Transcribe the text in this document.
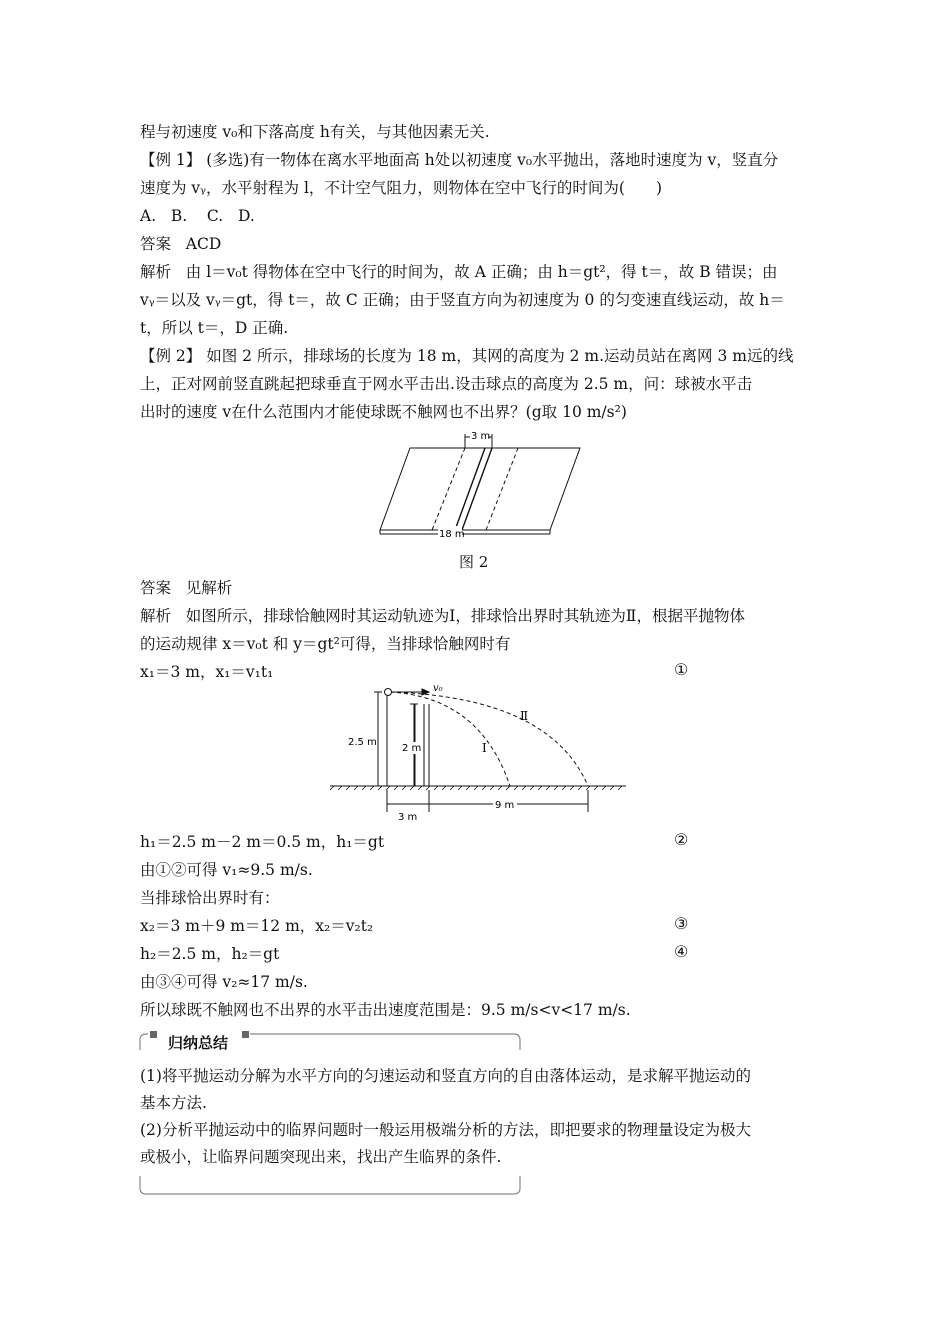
程与初速度 v₀和下落高度 h有关，与其他因素无关.
【例 1】 (多选)有一物体在离水平地面高 h处以初速度 v₀水平抛出，落地时速度为 v，竖直分
速度为 vᵧ，水平射程为 l，不计空气阻力，则物体在空中飞行的时间为(　　)
A.   B.    C.   D.
答案   ACD
解析   由 l＝v₀t 得物体在空中飞行的时间为，故 A 正确；由 h＝gt²，得 t＝，故 B 错误；由
vᵧ＝以及 vᵧ＝gt，得 t＝，故 C 正确；由于竖直方向为初速度为 0 的匀变速直线运动，故 h＝
t，所以 t＝，D 正确.
【例 2】 如图 2 所示，排球场的长度为 18 m，其网的高度为 2 m.运动员站在离网 3 m远的线
上，正对网前竖直跳起把球垂直于网水平击出.设击球点的高度为 2.5 m，问：球被水平击
出时的速度 v在什么范围内才能使球既不触网也不出界？(g取 10 m/s²)
3 m
18 m
图 2
答案   见解析
解析   如图所示，排球恰触网时其运动轨迹为Ⅰ，排球恰出界时其轨迹为Ⅱ，根据平抛物体
的运动规律 x＝v₀t 和 y＝gt²可得，当排球恰触网时有
x₁＝3 m，x₁＝v₁t₁	①
2.5 m
2 m
v₀
Ⅰ
Ⅱ
3 m
9 m
h₁＝2.5 m－2 m＝0.5 m，h₁＝gt	②
由①②可得 v₁≈9.5 m/s.
当排球恰出界时有：
x₂＝3 m＋9 m＝12 m，x₂＝v₂t₂	③
h₂＝2.5 m，h₂＝gt	④
由③④可得 v₂≈17 m/s.
所以球既不触网也不出界的水平击出速度范围是：9.5 m/s<v<17 m/s.
归纳总结
(1)将平抛运动分解为水平方向的匀速运动和竖直方向的自由落体运动，是求解平抛运动的
基本方法.
(2)分析平抛运动中的临界问题时一般运用极端分析的方法，即把要求的物理量设定为极大
或极小，让临界问题突现出来，找出产生临界的条件.
